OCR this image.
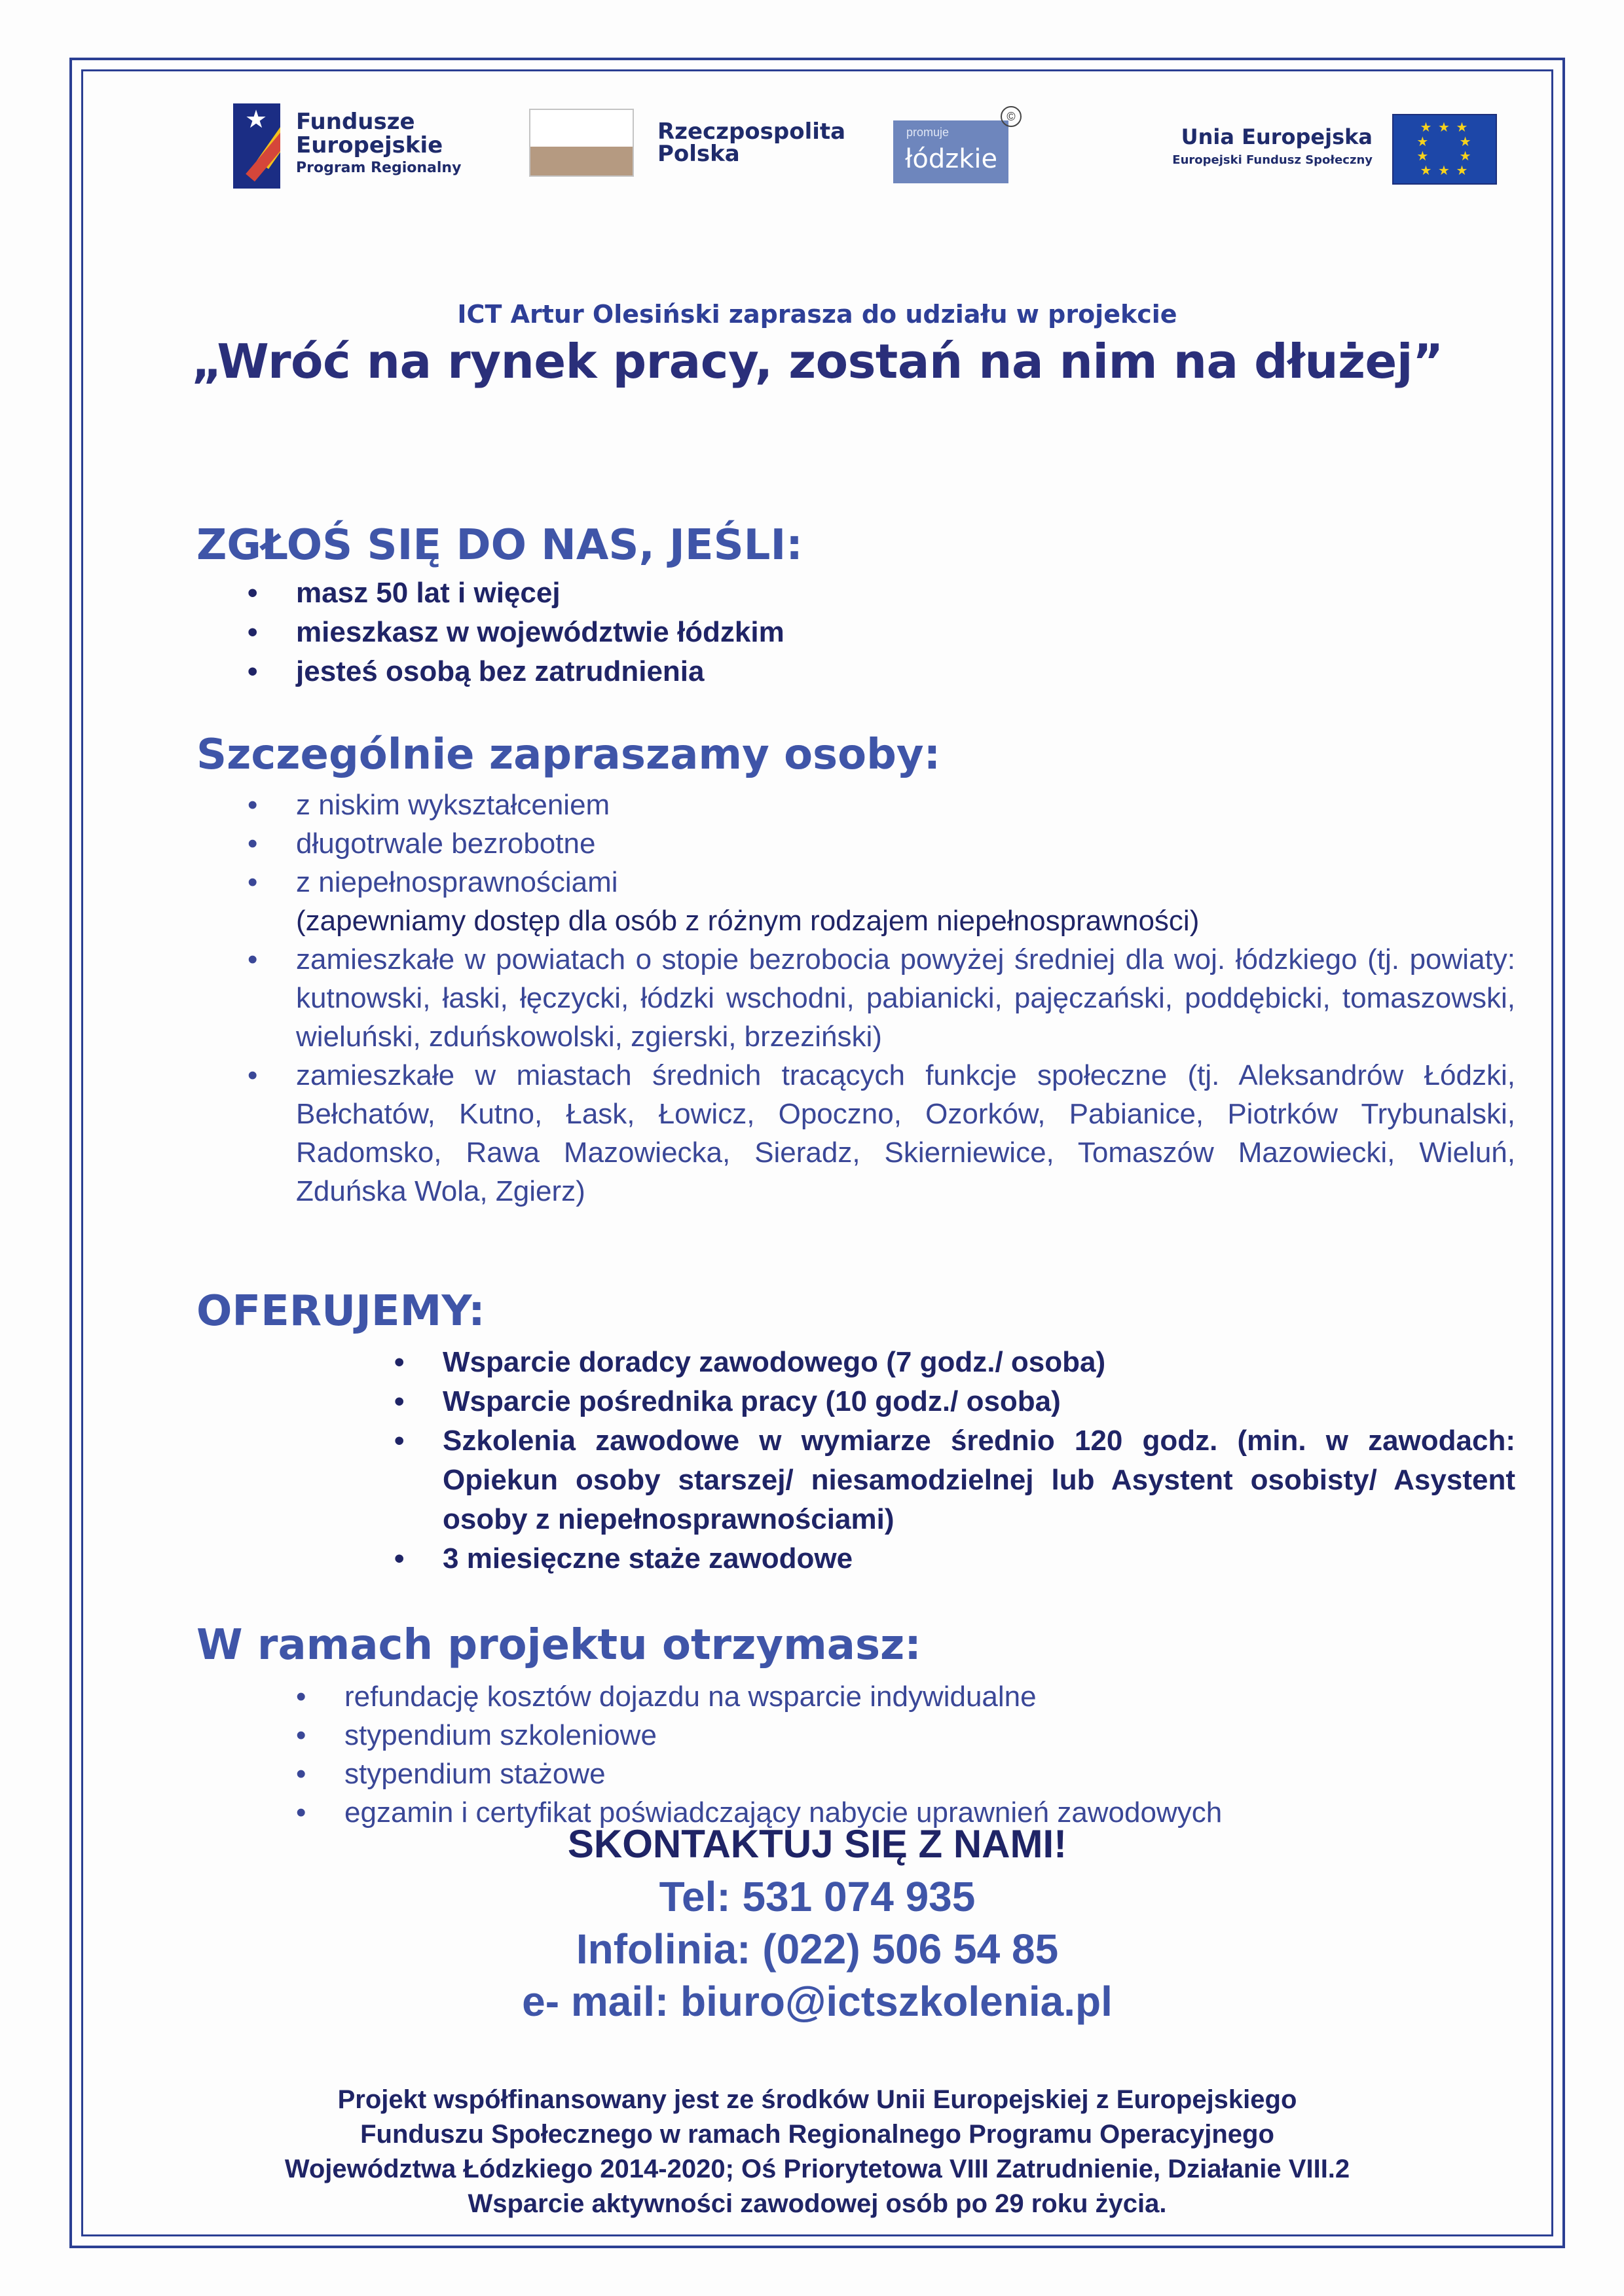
★ Fundusze
Europejskie
Program Regionalny
Rzeczpospolita
Polska
promuje
łódzkie
©
Unia Europejska
Europejski Fundusz Społeczny
★ ★ ★
★      ★
★      ★
★ ★ ★
ICT Artur Olesiński zaprasza do udziału w projekcie
„Wróć na rynek pracy, zostań na nim na dłużej”
ZGŁOŚ SIĘ DO NAS, JEŚLI:
• masz 50 lat i więcej
• mieszkasz w województwie łódzkim
• jesteś osobą bez zatrudnienia
Szczególnie zapraszamy osoby:
• z niskim wykształceniem
• długotrwale bezrobotne
• z niepełnosprawnościami
(zapewniamy dostęp dla osób z różnym rodzajem niepełnosprawności)
• zamieszkałe w powiatach o stopie bezrobocia powyżej średniej dla woj. łódzkiego (tj. powiaty: kutnowski, łaski, łęczycki, łódzki wschodni, pabianicki, pajęczański, poddębicki, tomaszowski, wieluński, zduńskowolski, zgierski, brzeziński)
• zamieszkałe w miastach średnich tracących funkcje społeczne (tj. Aleksandrów Łódzki, Bełchatów, Kutno, Łask, Łowicz, Opoczno, Ozorków, Pabianice, Piotrków Trybunalski, Radomsko, Rawa Mazowiecka, Sieradz, Skierniewice, Tomaszów Mazowiecki, Wieluń, Zduńska Wola, Zgierz)
OFERUJEMY:
• Wsparcie doradcy zawodowego (7 godz./ osoba)
• Wsparcie pośrednika pracy (10 godz./ osoba)
• Szkolenia zawodowe w wymiarze średnio 120 godz. (min. w zawodach: Opiekun osoby starszej/ niesamodzielnej lub Asystent osobisty/ Asystent osoby z niepełnosprawnościami)
• 3 miesięczne staże zawodowe
W ramach projektu otrzymasz:
• refundację kosztów dojazdu na wsparcie indywidualne
• stypendium szkoleniowe
• stypendium stażowe
• egzamin i certyfikat poświadczający nabycie uprawnień zawodowych
SKONTAKTUJ SIĘ Z NAMI!
Tel: 531 074 935
Infolinia: (022) 506 54 85
e- mail: biuro@ictszkolenia.pl
Projekt współfinansowany jest ze środków Unii Europejskiej z Europejskiego
Funduszu Społecznego w ramach Regionalnego Programu Operacyjnego
Województwa Łódzkiego 2014-2020; Oś Priorytetowa VIII Zatrudnienie, Działanie VIII.2
Wsparcie aktywności zawodowej osób po 29 roku życia.
